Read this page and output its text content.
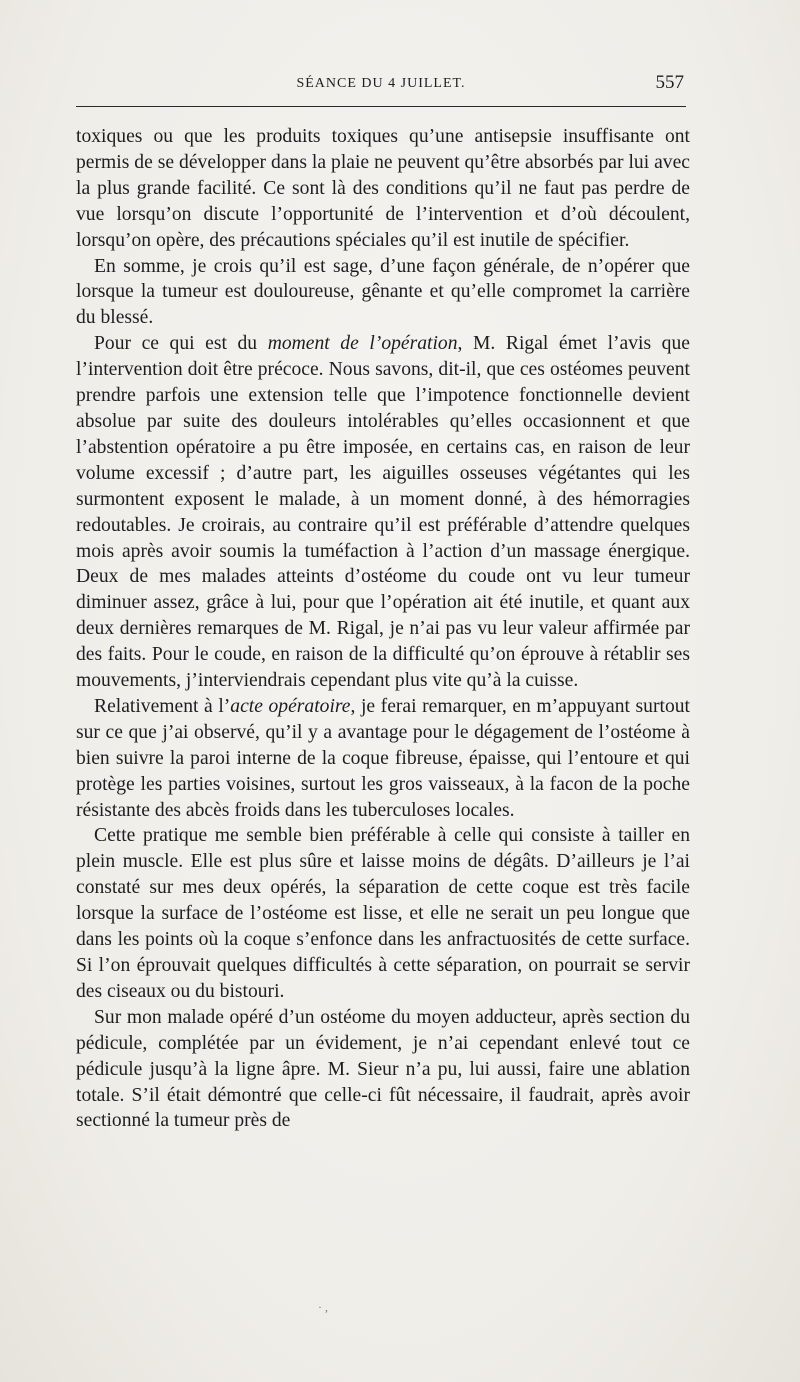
SÉANCE DU 4 JUILLET.	557

toxiques ou que les produits toxiques qu’une antisepsie insuffisante ont permis de se développer dans la plaie ne peuvent qu’être absorbés par lui avec la plus grande facilité. Ce sont là des conditions qu’il ne faut pas perdre de vue lorsqu’on discute l’opportunité de l’intervention et d’où découlent, lorsqu’on opère, des précautions spéciales qu’il est inutile de spécifier.

En somme, je crois qu’il est sage, d’une façon générale, de n’opérer que lorsque la tumeur est douloureuse, gênante et qu’elle compromet la carrière du blessé.

Pour ce qui est du moment de l’opération, M. Rigal émet l’avis que l’intervention doit être précoce. Nous savons, dit-il, que ces ostéomes peuvent prendre parfois une extension telle que l’impotence fonctionnelle devient absolue par suite des douleurs intolérables qu’elles occasionnent et que l’abstention opératoire a pu être imposée, en certains cas, en raison de leur volume excessif ; d’autre part, les aiguilles osseuses végétantes qui les surmontent exposent le malade, à un moment donné, à des hémorragies redoutables. Je croirais, au contraire qu’il est préférable d’attendre quelques mois après avoir soumis la tuméfaction à l’action d’un massage énergique. Deux de mes malades atteints d’ostéome du coude ont vu leur tumeur diminuer assez, grâce à lui, pour que l’opération ait été inutile, et quant aux deux dernières remarques de M. Rigal, je n’ai pas vu leur valeur affirmée par des faits. Pour le coude, en raison de la difficulté qu’on éprouve à rétablir ses mouvements, j’interviendrais cependant plus vite qu’à la cuisse.

Relativement à l’acte opératoire, je ferai remarquer, en m’appuyant surtout sur ce que j’ai observé, qu’il y a avantage pour le dégagement de l’ostéome à bien suivre la paroi interne de la coque fibreuse, épaisse, qui l’entoure et qui protège les parties voisines, surtout les gros vaisseaux, à la facon de la poche résistante des abcès froids dans les tuberculoses locales.

Cette pratique me semble bien préférable à celle qui consiste à tailler en plein muscle. Elle est plus sûre et laisse moins de dégâts. D’ailleurs je l’ai constaté sur mes deux opérés, la séparation de cette coque est très facile lorsque la surface de l’ostéome est lisse, et elle ne serait un peu longue que dans les points où la coque s’enfonce dans les anfractuosités de cette surface. Si l’on éprouvait quelques difficultés à cette séparation, on pourrait se servir des ciseaux ou du bistouri.

Sur mon malade opéré d’un ostéome du moyen adducteur, après section du pédicule, complétée par un évidement, je n’ai cependant enlevé tout ce pédicule jusqu’à la ligne âpre. M. Sieur n’a pu, lui aussi, faire une ablation totale. S’il était démontré que celle-ci fût nécessaire, il faudrait, après avoir sectionné la tumeur près de

· ,
